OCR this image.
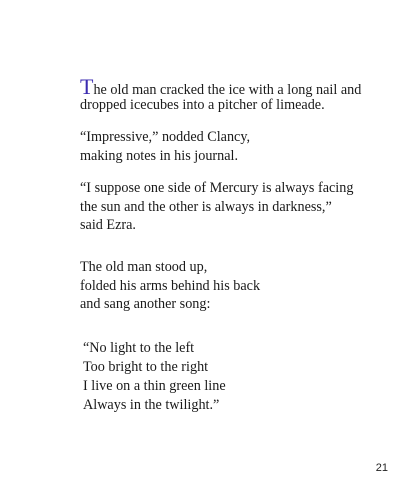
The old man cracked the ice with a long nail and
dropped icecubes into a pitcher of limeade.
“Impressive,” nodded Clancy,
making notes in his journal.
“I suppose one side of Mercury is always facing
the sun and the other is always in darkness,”
said Ezra.
The old man stood up,
folded his arms behind his back
and sang another song:
“No light to the left
Too bright to the right
I live on a thin green line
Always in the twilight.”
21
